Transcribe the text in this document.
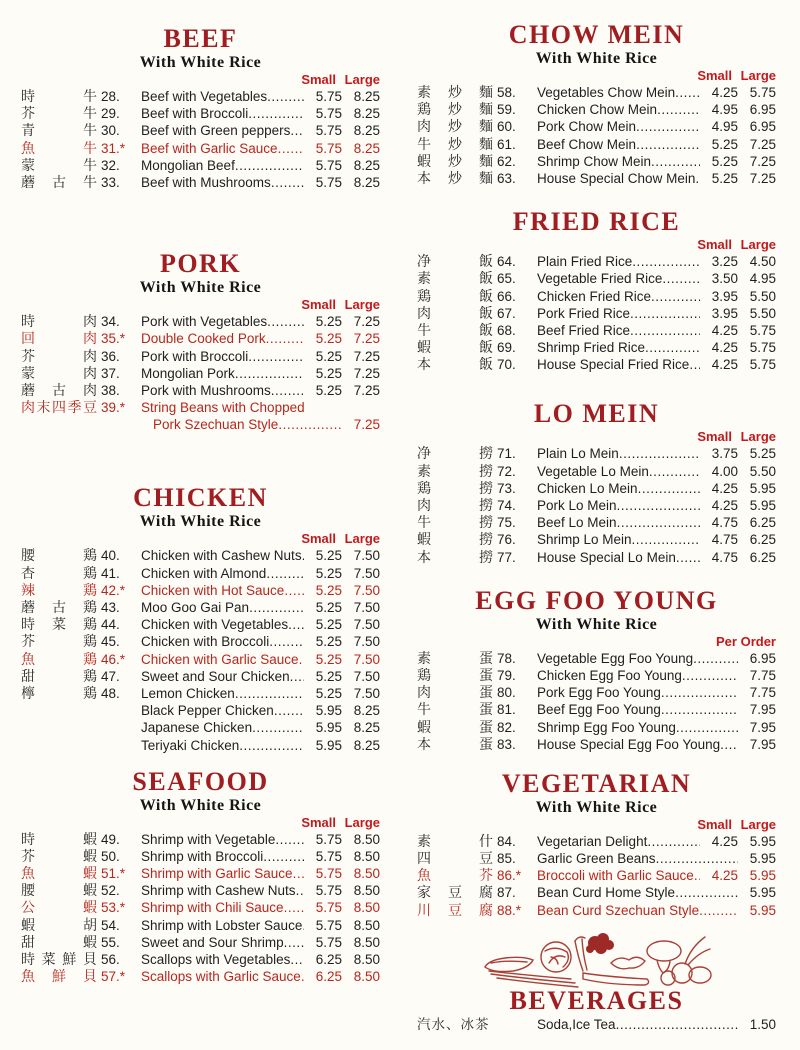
BEEF
With White Rice
Small Large
時	牛 28.	Beef with Vegetables .....	5.75 8.25
芥	牛 29.	Beef with Broccoli .....	5.75 8.25
青	牛 30.	Beef with Green peppers .....	5.75 8.25
魚	牛 31.*	Beef with Garlic Sauce .....	5.75 8.25
蒙	牛 32.	Mongolian Beef .....	5.75 8.25
蘑 古 牛 33.	Beef with Mushrooms .....	5.75 8.25
PORK
With White Rice
Small Large
時	肉 34.	Pork with Vegetables .....	5.25 7.25
回	肉 35.*	Double Cooked Pork .....	5.25 7.25
芥	肉 36.	Pork with Broccoli .....	5.25 7.25
蒙	肉 37.	Mongolian Pork .....	5.25 7.25
蘑 古 肉 38.	Pork with Mushrooms .....	5.25 7.25
肉 末 四 季 豆 39.*	String Beans with Chopped
Pork Szechuan Style .....	7.25
CHICKEN
With White Rice
Small Large
腰	鶏 40.	Chicken with Cashew Nuts .....	5.25 7.50
杏	鶏 41.	Chicken with Almond .....	5.25 7.50
辣	鶏 42.*	Chicken with Hot Sauce .....	5.25 7.50
蘑 古 鶏 43.	Moo Goo Gai Pan .....	5.25 7.50
時 菜 鶏 44.	Chicken with Vegetables .....	5.25 7.50
芥	鶏 45.	Chicken with Broccoli .....	5.25 7.50
魚	鶏 46.*	Chicken with Garlic Sauce .....	5.25 7.50
甜	鶏 47.	Sweet and Sour Chicken .....	5.25 7.50
檸	鶏 48.	Lemon Chicken .....	5.25 7.50
Black Pepper Chicken .....	5.95 8.25
Japanese Chicken .....	5.95 8.25
Teriyaki Chicken .....	5.95 8.25
SEAFOOD
With White Rice
Small Large
時	蝦 49.	Shrimp with Vegetable .....	5.75 8.50
芥	蝦 50.	Shrimp with Broccoli .....	5.75 8.50
魚	蝦 51.*	Shrimp with Garlic Sauce .....	5.75 8.50
腰	蝦 52.	Shrimp with Cashew Nuts .....	5.75 8.50
公	蝦 53.*	Shrimp with Chili Sauce .....	5.75 8.50
蝦	胡 54.	Shrimp with Lobster Sauce ..... 5.75 8.50
甜	蝦 55.	Sweet and Sour Shrimp .....	5.75 8.50
時 菜 鮮 貝 56.	Scallops with Vegetables .....	6.25 8.50
魚 鮮 貝 57.*	Scallops with Garlic Sauce .....	6.25 8.50
CHOW MEIN
With White Rice
Small Large
素 炒 麵 58.	Vegetables Chow Mein .....	4.25 5.75
鶏 炒 麵 59.	Chicken Chow Mein .....	4.95 6.95
肉 炒 麵 60.	Pork Chow Mein .....	4.95 6.95
牛 炒 麵 61.	Beef Chow Mein .....	5.25 7.25
蝦 炒 麵 62.	Shrimp Chow Mein .....	5.25 7.25
本 炒 麵 63.	House Special Chow Mein .....	5.25 7.25
FRIED RICE
Small Large
净	飯 64.	Plain Fried Rice .....	3.25 4.50
素	飯 65.	Vegetable Fried Rice .....	3.50 4.95
鶏	飯 66.	Chicken Fried Rice .....	3.95 5.50
肉	飯 67.	Pork Fried Rice .....	3.95 5.50
牛	飯 68.	Beef Fried Rice .....	4.25 5.75
蝦	飯 69.	Shrimp Fried Rice .....	4.25 5.75
本	飯 70.	House Special Fried Rice .....	4.25 5.75
LO MEIN
Small Large
净	撈 71.	Plain Lo Mein .....	3.75 5.25
素	撈 72.	Vegetable Lo Mein .....	4.00 5.50
鶏	撈 73.	Chicken Lo Mein .....	4.25 5.95
肉	撈 74.	Pork Lo Mein .....	4.25 5.95
牛	撈 75.	Beef Lo Mein .....	4.75 6.25
蝦	撈 76.	Shrimp Lo Mein .....	4.75 6.25
本	撈 77.	House Special Lo Mein .....	4.75 6.25
EGG FOO YOUNG
With White Rice
Per Order
素	蛋 78.	Vegetable Egg Foo Young .....	6.95
鶏	蛋 79.	Chicken Egg Foo Young .....	7.75
肉	蛋 80.	Pork Egg Foo Young .....	7.75
牛	蛋 81.	Beef Egg Foo Young .....	7.95
蝦	蛋 82.	Shrimp Egg Foo Young .....	7.95
本	蛋 83.	House Special Egg Foo Young .....	7.95
VEGETARIAN
With White Rice
Small Large
素	什 84.	Vegetarian Delight .....	4.25 5.95
四	豆 85.	Garlic Green Beans .....	5.95
魚	芥 86.*	Broccoli with Garlic Sauce .....	4.25 5.95
家 豆 腐 87.	Bean Curd Home Style .....	5.95
川 豆 腐 88.*	Bean Curd Szechuan Style .....	5.95
BEVERAGES
汽水、冰茶	Soda,Ice Tea .....	1.50
